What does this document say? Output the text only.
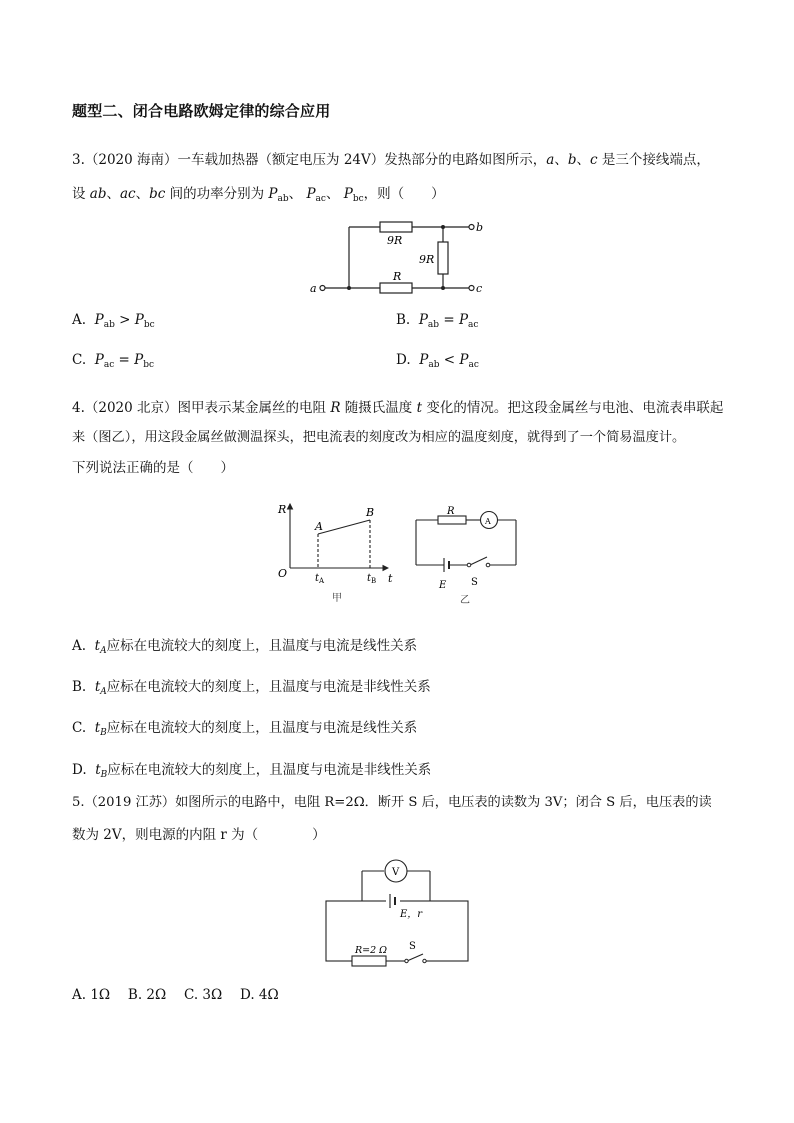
题型二、闭合电路欧姆定律的综合应用
3.（2020 海南）一车载加热器（额定电压为 24V）发热部分的电路如图所示，a、b、c 是三个接线端点，
设 ab、ac、bc 间的功率分别为 $P_{ab}$、 $P_{ac}$、 $P_{bc}$，则（　　）
9R
9R
R
a
b
c
A. $P_{ab} > P_{bc}$	B. $P_{ab} = P_{ac}$
C. $P_{ac} = P_{bc}$	D. $P_{ab} < P_{ac}$
4.（2020 北京）图甲表示某金属丝的电阻 R 随摄氏温度 t 变化的情况。把这段金属丝与电池、电流表串联起
来（图乙），用这段金属丝做测温探头，把电流表的刻度改为相应的温度刻度，就得到了一个简易温度计。
下列说法正确的是（　　）
R
t
O
A
B
$t_A$	$t_B$
甲
R
A
E S
乙
A. $t_A$应标在电流较大的刻度上，且温度与电流是线性关系
B. $t_A$应标在电流较大的刻度上，且温度与电流是非线性关系
C. $t_B$应标在电流较大的刻度上，且温度与电流是线性关系
D. $t_B$应标在电流较大的刻度上，且温度与电流是非线性关系
5.（2019 江苏）如图所示的电路中，电阻 R=2Ω．断开 S 后，电压表的读数为 3V；闭合 S 后，电压表的读
数为 2V，则电源的内阻 r 为（　　　　）
V
E，r
R=2 Ω S
A. 1Ω　 B. 2Ω　 C. 3Ω　 D. 4Ω
